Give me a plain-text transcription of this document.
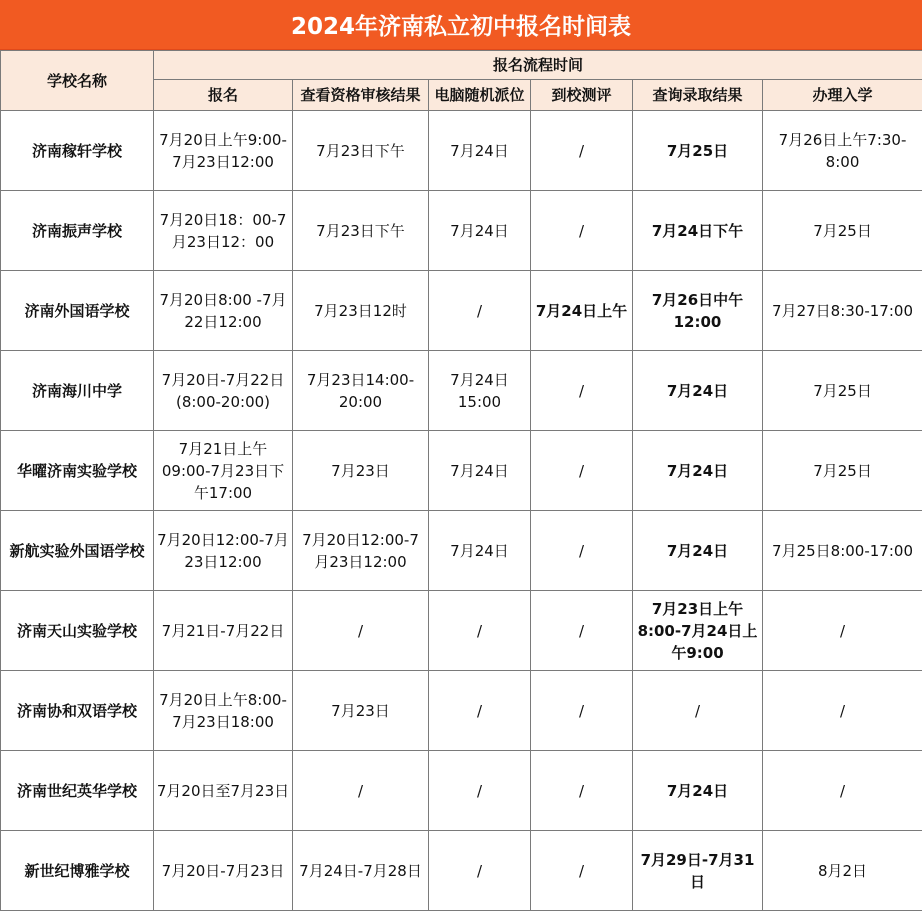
2024年济南私立初中报名时间表
学校名称	报名流程时间					
	报名	查看资格审核结果	电脑随机派位	到校测评	查询录取结果	办理入学
济南稼轩学校	7月20日上午9:00-7月23日12:00	7月23日下午	7月24日	/	7月25日	7月26日上午7:30-8:00
济南振声学校	7月20日18：00-7月23日12：00	7月23日下午	7月24日	/	7月24日下午	7月25日
济南外国语学校	7月20日8:00 -7月22日12:00	7月23日12时	/	7月24日上午	7月26日中午12:00	7月27日8:30-17:00
济南海川中学	7月20日-7月22日(8:00-20:00)	7月23日14:00-20:00	7月24日15:00	/	7月24日	7月25日
华曜济南实验学校	7月21日上午09:00-7月23日下午17:00	7月23日	7月24日	/	7月24日	7月25日
新航实验外国语学校	7月20日12:00-7月23日12:00	7月20日12:00-7月23日12:00	7月24日	/	7月24日	7月25日8:00-17:00
济南天山实验学校	7月21日-7月22日	/	/	/	7月23日上午8:00-7月24日上午9:00	/
济南协和双语学校	7月20日上午8:00-7月23日18:00	7月23日	/	/	/	/
济南世纪英华学校	7月20日至7月23日	/	/	/	7月24日	/
新世纪博雅学校	7月20日-7月23日	7月24日-7月28日	/	/	7月29日-7月31日	8月2日
